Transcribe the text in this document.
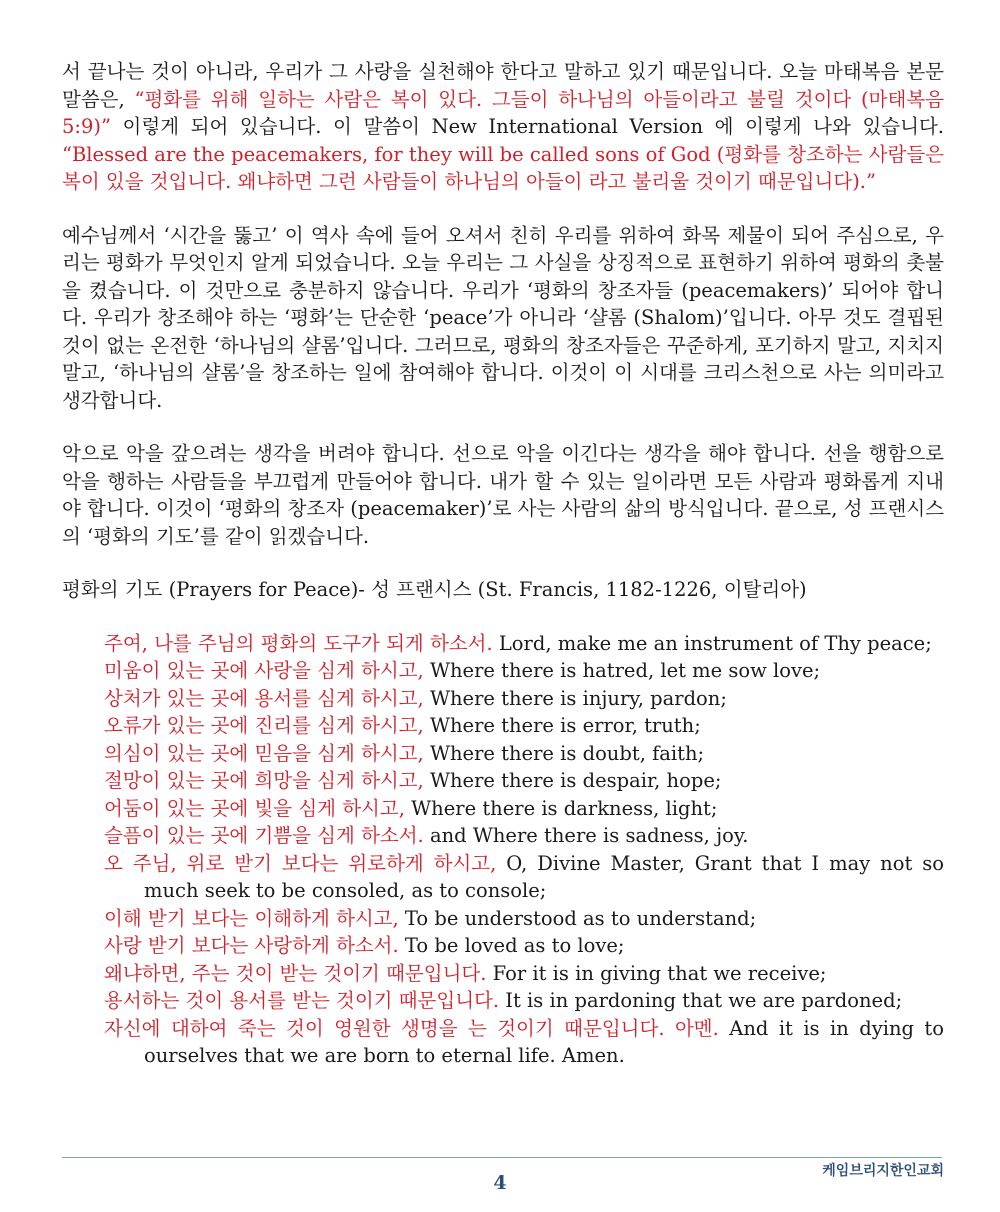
서 끝나는 것이 아니라, 우리가 그 사랑을 실천해야 한다고 말하고 있기 때문입니다. 오늘 마태복음 본문 말씀은, “평화를 위해 일하는 사람은 복이 있다. 그들이 하나님의 아들이라고 불릴 것이다 (마태복음 5:9)” 이렇게 되어 있습니다. 이 말씀이 New International Version 에 이렇게 나와 있습니다. “Blessed are the peacemakers, for they will be called sons of God (평화를 창조하는 사람들은 복이 있을 것입니다. 왜냐하면 그런 사람들이 하나님의 아들이 라고 불리울 것이기 때문입니다).”

예수님께서 ‘시간을 뚫고’ 이 역사 속에 들어 오셔서 친히 우리를 위하여 화목 제물이 되어 주심으로, 우리는 평화가 무엇인지 알게 되었습니다. 오늘 우리는 그 사실을 상징적으로 표현하기 위하여 평화의 촛불을 켰습니다. 이 것만으로 충분하지 않습니다. 우리가 ‘평화의 창조자들 (peacemakers)’ 되어야 합니다. 우리가 창조해야 하는 ‘평화’는 단순한 ‘peace’가 아니라 ‘샬롬 (Shalom)’입니다. 아무 것도 결핍된 것이 없는 온전한 ‘하나님의 샬롬’입니다. 그러므로, 평화의 창조자들은 꾸준하게, 포기하지 말고, 지치지 말고, ‘하나님의 샬롬’을 창조하는 일에 참여해야 합니다. 이것이 이 시대를 크리스천으로 사는 의미라고 생각합니다.

악으로 악을 갚으려는 생각을 버려야 합니다. 선으로 악을 이긴다는 생각을 해야 합니다. 선을 행함으로 악을 행하는 사람들을 부끄럽게 만들어야 합니다. 내가 할 수 있는 일이라면 모든 사람과 평화롭게 지내야 합니다. 이것이 ‘평화의 창조자 (peacemaker)’로 사는 사람의 삶의 방식입니다. 끝으로, 성 프랜시스의 ‘평화의 기도’를 같이 읽겠습니다.

평화의 기도 (Prayers for Peace)- 성 프랜시스 (St. Francis, 1182-1226, 이탈리아)

주여, 나를 주님의 평화의 도구가 되게 하소서. Lord, make me an instrument of Thy peace;
미움이 있는 곳에 사랑을 심게 하시고, Where there is hatred, let me sow love;
상처가 있는 곳에 용서를 심게 하시고, Where there is injury, pardon;
오류가 있는 곳에 진리를 심게 하시고, Where there is error, truth;
의심이 있는 곳에 믿음을 심게 하시고, Where there is doubt, faith;
절망이 있는 곳에 희망을 심게 하시고, Where there is despair, hope;
어둠이 있는 곳에 빛을 심게 하시고, Where there is darkness, light;
슬픔이 있는 곳에 기쁨을 심게 하소서. and Where there is sadness, joy.
오 주님, 위로 받기 보다는 위로하게 하시고, O, Divine Master, Grant that I may not so much seek to be consoled, as to console;
이해 받기 보다는 이해하게 하시고, To be understood as to understand;
사랑 받기 보다는 사랑하게 하소서. To be loved as to love;
왜냐하면, 주는 것이 받는 것이기 때문입니다. For it is in giving that we receive;
용서하는 것이 용서를 받는 것이기 때문입니다. It is in pardoning that we are pardoned;
자신에 대하여 죽는 것이 영원한 생명을 는 것이기 때문입니다. 아멘. And it is in dying to ourselves that we are born to eternal life. Amen.
케임브리지한인교회
4
